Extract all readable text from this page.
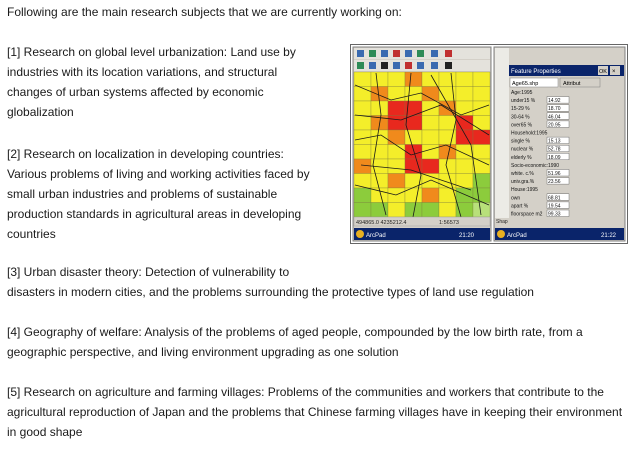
Following are the main research subjects that we are currently working on:

[1] Research on global level urbanization: Land use by
industries with its location variations, and structural
changes of urban systems affected by economic
globalization

[2] Research on localization in developing countries:
Various problems of living and working activities faced by
small urban industries and problems of sustainable
production standards in agricultural areas in developing
countries

494865.0 4235212.4	1:56573
ArcPad	21:20
Shap
Feature Properties	OK ×
Age65.shp	Attribut
Age:1995
under15 %	14.92
15-29 %	18.70
30-64 %	46.04
over65 %	20.95
Household:1995
single %	15.13
nuclear %	52.78
elderly %	18.09
Socio-economic:1990
white. c.%	51.96
univ.gra.%	23.56
House:1995
own	68.81
apart %	19.54
floorspace m2 99.33
ArcPad	21:22

[3] Urban disaster theory: Detection of vulnerability to
disasters in modern cities, and the problems surrounding the protective types of land use regulation

[4] Geography of welfare: Analysis of the problems of aged people, compounded by the low birth rate, from a
geographic perspective, and living environment upgrading as one solution

[5] Research on agriculture and farming villages: Problems of the communities and workers that contribute to the
agricultural reproduction of Japan and the problems that Chinese farming villages have in keeping their environment
in good shape
